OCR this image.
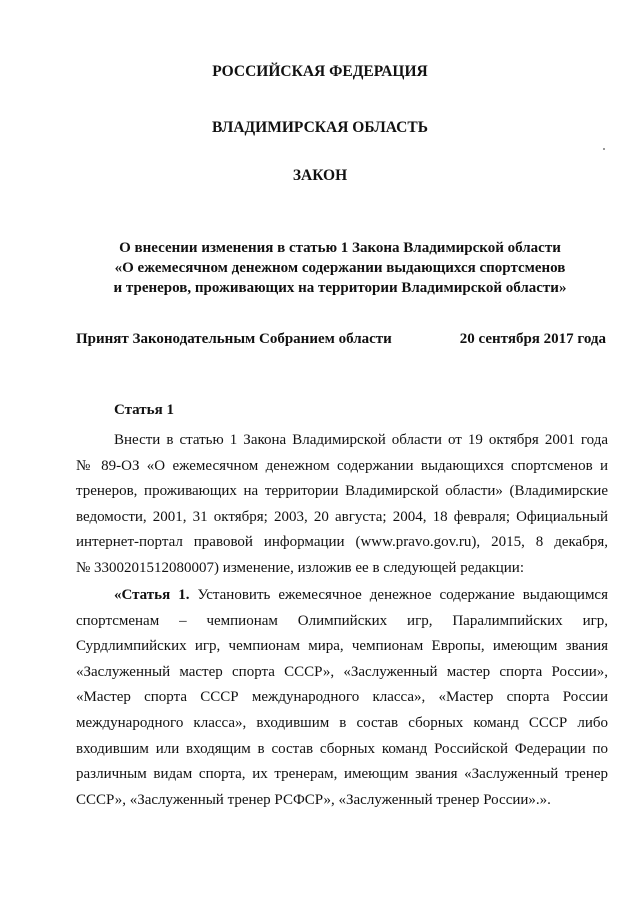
РОССИЙСКАЯ ФЕДЕРАЦИЯ
ВЛАДИМИРСКАЯ ОБЛАСТЬ
ЗАКОН
О внесении изменения в статью 1 Закона Владимирской области
«О ежемесячном денежном содержании выдающихся спортсменов
и тренеров, проживающих на территории Владимирской области»
Принят Законодательным Собранием области	20 сентября 2017 года
Статья 1
Внести в статью 1 Закона Владимирской области от 19 октября 2001 года
№ 89-ОЗ «О ежемесячном денежном содержании выдающихся спортсменов и
тренеров, проживающих на территории Владимирской области» (Владимирские
ведомости, 2001, 31 октября; 2003, 20 августа; 2004, 18 февраля; Официальный
интернет-портал правовой информации (www.pravo.gov.ru), 2015, 8 декабря,
№ 3300201512080007) изменение, изложив ее в следующей редакции:
«Статья 1. Установить ежемесячное денежное содержание выдающимся
спортсменам – чемпионам Олимпийских игр, Паралимпийских игр,
Сурдлимпийских игр, чемпионам мира, чемпионам Европы, имеющим звания
«Заслуженный мастер спорта СССР», «Заслуженный мастер спорта России»,
«Мастер спорта СССР международного класса», «Мастер спорта России
международного класса», входившим в состав сборных команд СССР либо
входившим или входящим в состав сборных команд Российской Федерации по
различным видам спорта, их тренерам, имеющим звания «Заслуженный тренер
СССР», «Заслуженный тренер РСФСР», «Заслуженный тренер России».».
